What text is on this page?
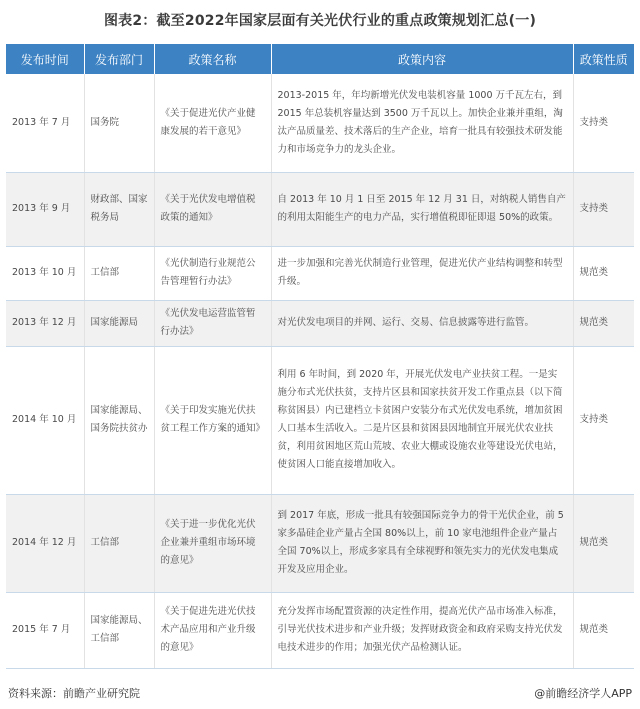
图表2：截至2022年国家层面有关光伏行业的重点政策规划汇总(一)
发布时间	发布部门	政策名称	政策内容	政策性质
2013 年 7 月	国务院	《关于促进光伏产业健康发展的若干意见》	2013-2015 年，年均新增光伏发电装机容量 1000 万千瓦左右，到 2015 年总装机容量达到 3500 万千瓦以上。加快企业兼并重组，淘汰产品质量差、技术落后的生产企业，培育一批具有较强技术研发能力和市场竞争力的龙头企业。	支持类
2013 年 9 月	财政部、国家税务局	《关于光伏发电增值税政策的通知》	自 2013 年 10 月 1 日至 2015 年 12 月 31 日，对纳税人销售自产的利用太阳能生产的电力产品，实行增值税即征即退 50%的政策。	支持类
2013 年 10 月	工信部	《光伏制造行业规范公告管理暂行办法》	进一步加强和完善光伏制造行业管理，促进光伏产业结构调整和转型升级。	规范类
2013 年 12 月	国家能源局	《光伏发电运营监管暂行办法》	对光伏发电项目的并网、运行、交易、信息披露等进行监管。	规范类
2014 年 10 月	国家能源局、国务院扶贫办	《关于印发实施光伏扶贫工程工作方案的通知》	利用 6 年时间，到 2020 年，开展光伏发电产业扶贫工程。一是实施分布式光伏扶贫，支持片区县和国家扶贫开发工作重点县（以下简称贫困县）内已建档立卡贫困户安装分布式光伏发电系统，增加贫困人口基本生活收入。二是片区县和贫困县因地制宜开展光伏农业扶贫，利用贫困地区荒山荒坡、农业大棚或设施农业等建设光伏电站，使贫困人口能直接增加收入。	支持类
2014 年 12 月	工信部	《关于进一步优化光伏企业兼并重组市场环境的意见》	到 2017 年底，形成一批具有较强国际竞争力的骨干光伏企业，前 5 家多晶硅企业产量占全国 80%以上，前 10 家电池组件企业产量占全国 70%以上，形成多家具有全球视野和领先实力的光伏发电集成开发及应用企业。	规范类
2015 年 7 月	国家能源局、工信部	《关于促进先进光伏技术产品应用和产业升级的意见》	充分发挥市场配置资源的决定性作用，提高光伏产品市场准入标准，引导光伏技术进步和产业升级；发挥财政资金和政府采购支持光伏发电技术进步的作用；加强光伏产品检测认证。	规范类
资料来源：前瞻产业研究院	@前瞻经济学人APP
